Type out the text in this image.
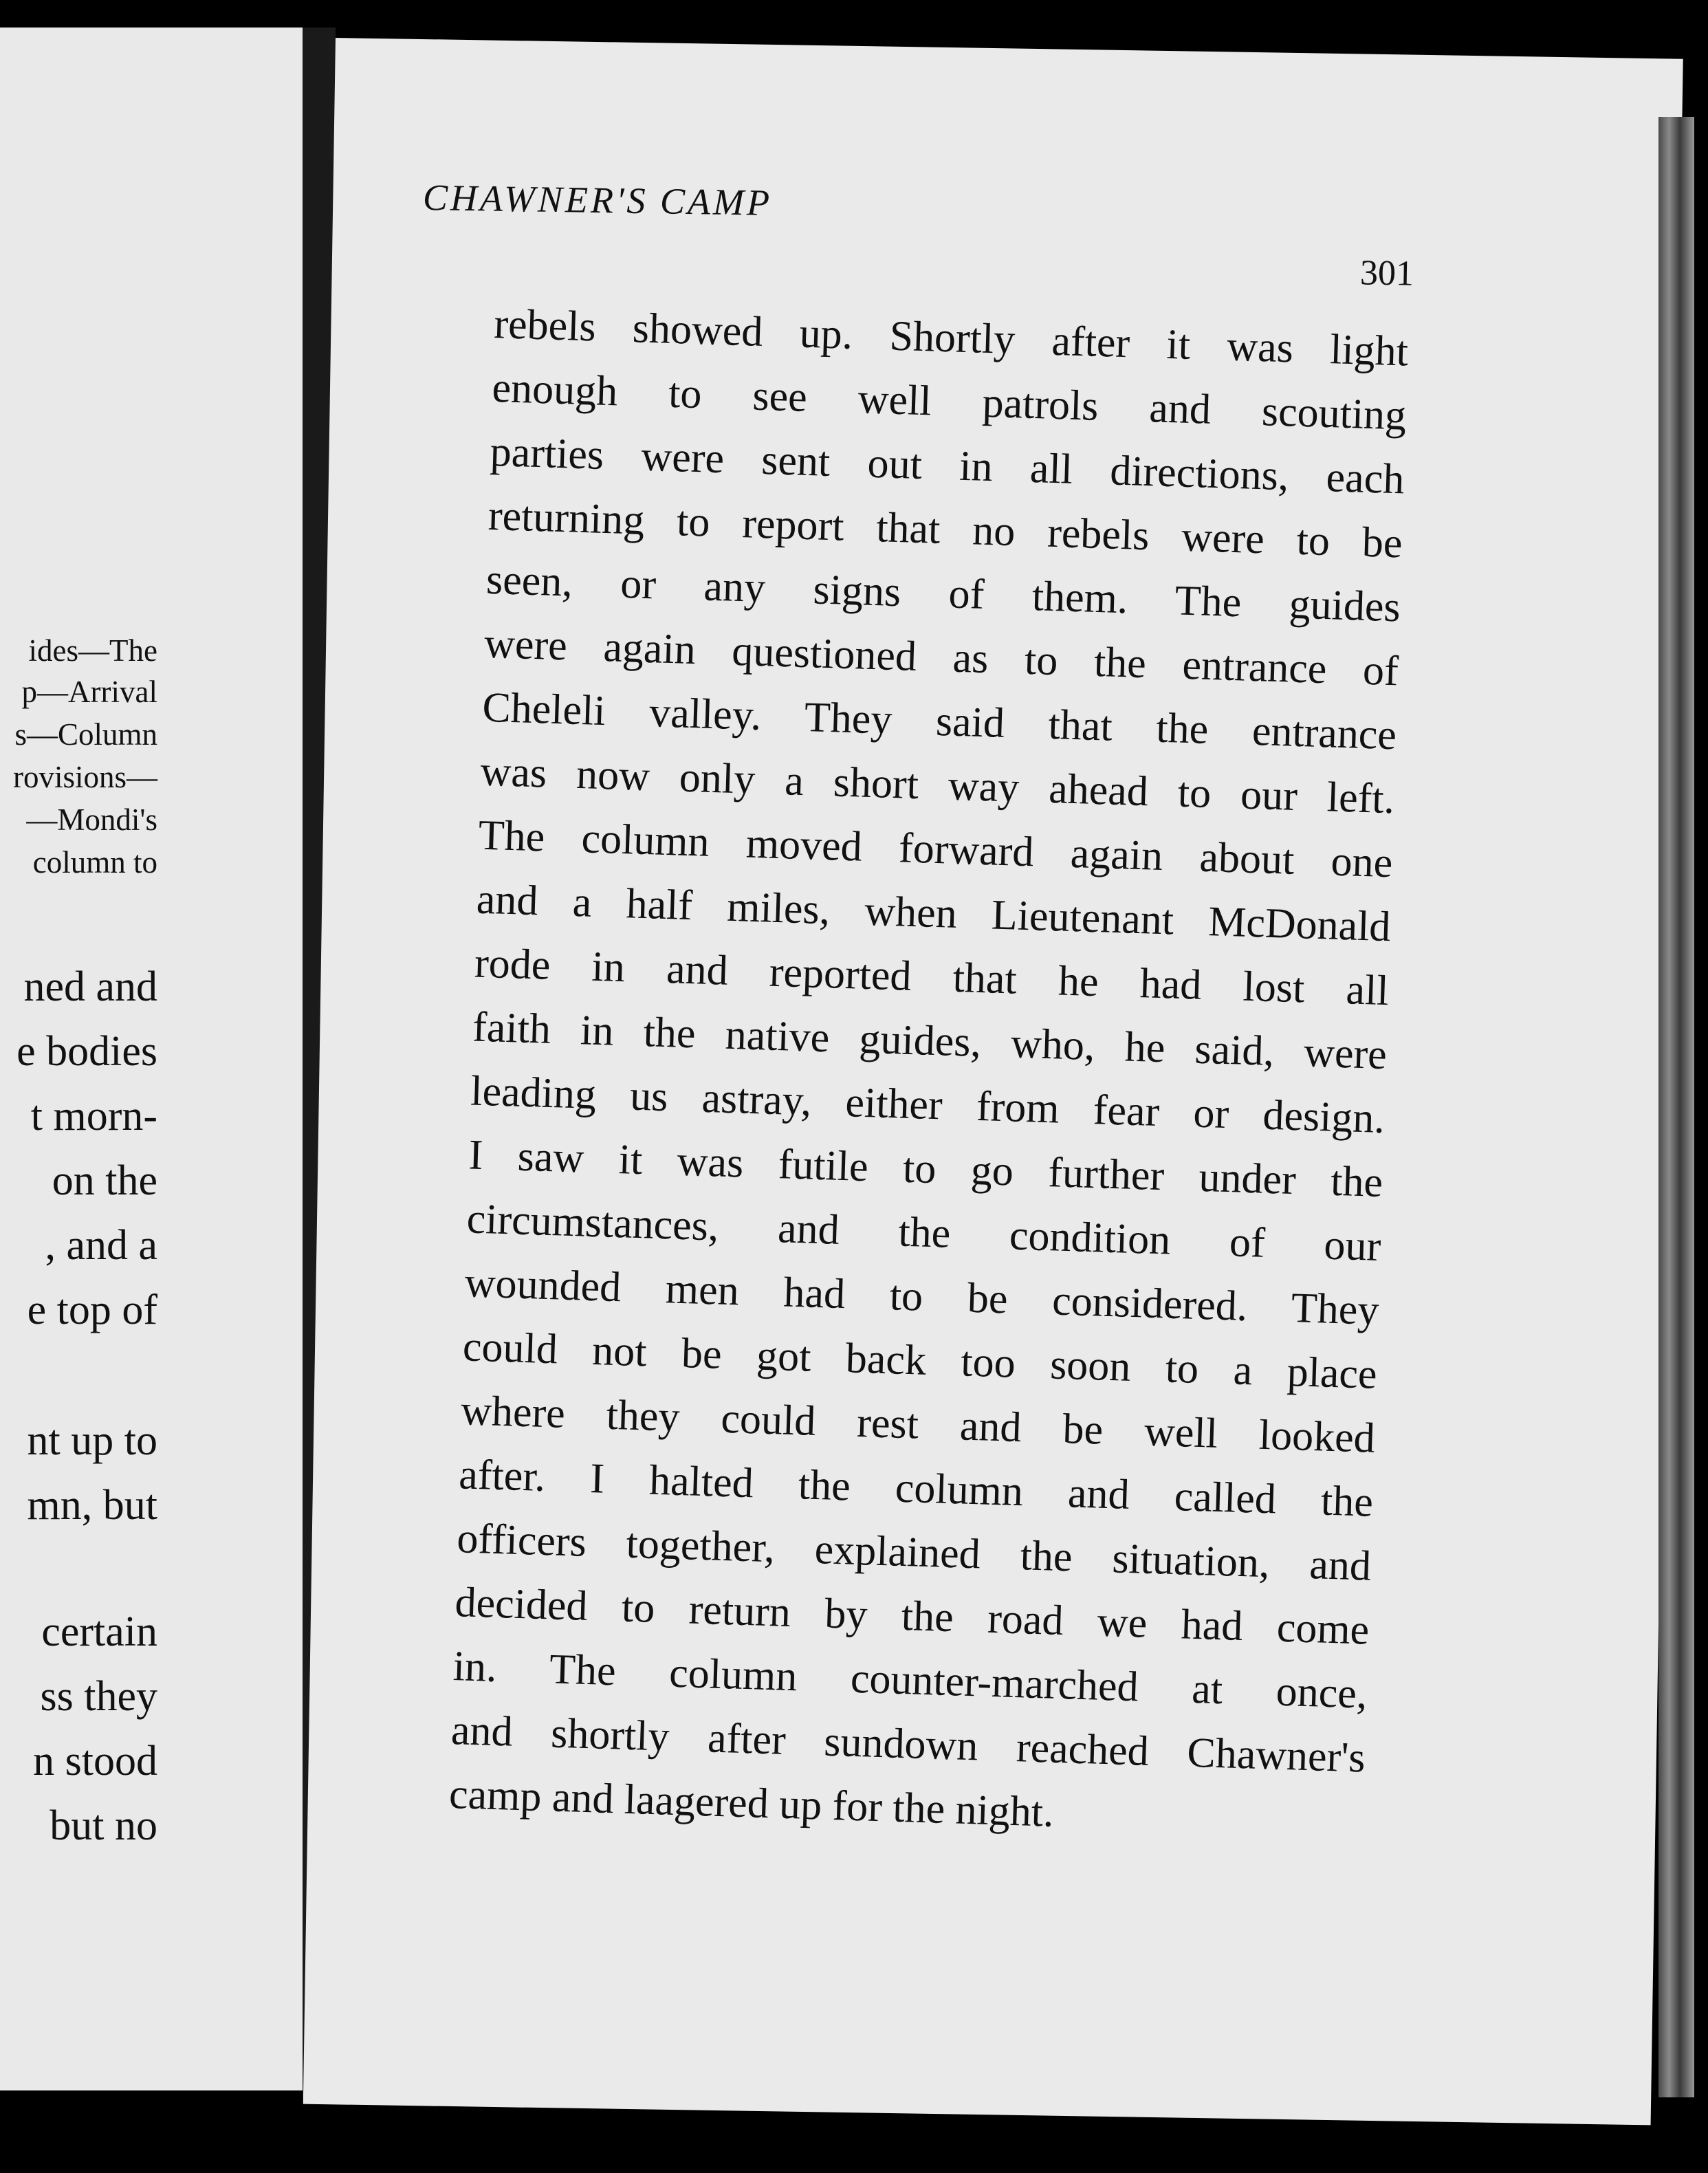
ides—The
p—Arrival
s—Column
rovisions—
—Mondi's
column to
ned and
e bodies
t morn-
on the
, and a
e top of
nt up to
mn, but
certain
ss they
n stood
but no
CHAWNER'S CAMP
301
rebels showed up. Shortly after it was light
enough to see well patrols and scouting
parties were sent out in all directions, each
returning to report that no rebels were to be
seen, or any signs of them. The guides
were again questioned as to the entrance of
Cheleli valley. They said that the entrance
was now only a short way ahead to our left.
The column moved forward again about one
and a half miles, when Lieutenant McDonald
rode in and reported that he had lost all
faith in the native guides, who, he said, were
leading us astray, either from fear or design.
I saw it was futile to go further under the
circumstances, and the condition of our
wounded men had to be considered. They
could not be got back too soon to a place
where they could rest and be well looked
after. I halted the column and called the
officers together, explained the situation, and
decided to return by the road we had come
in. The column counter-marched at once,
and shortly after sundown reached Chawner's
camp and laagered up for the night.
